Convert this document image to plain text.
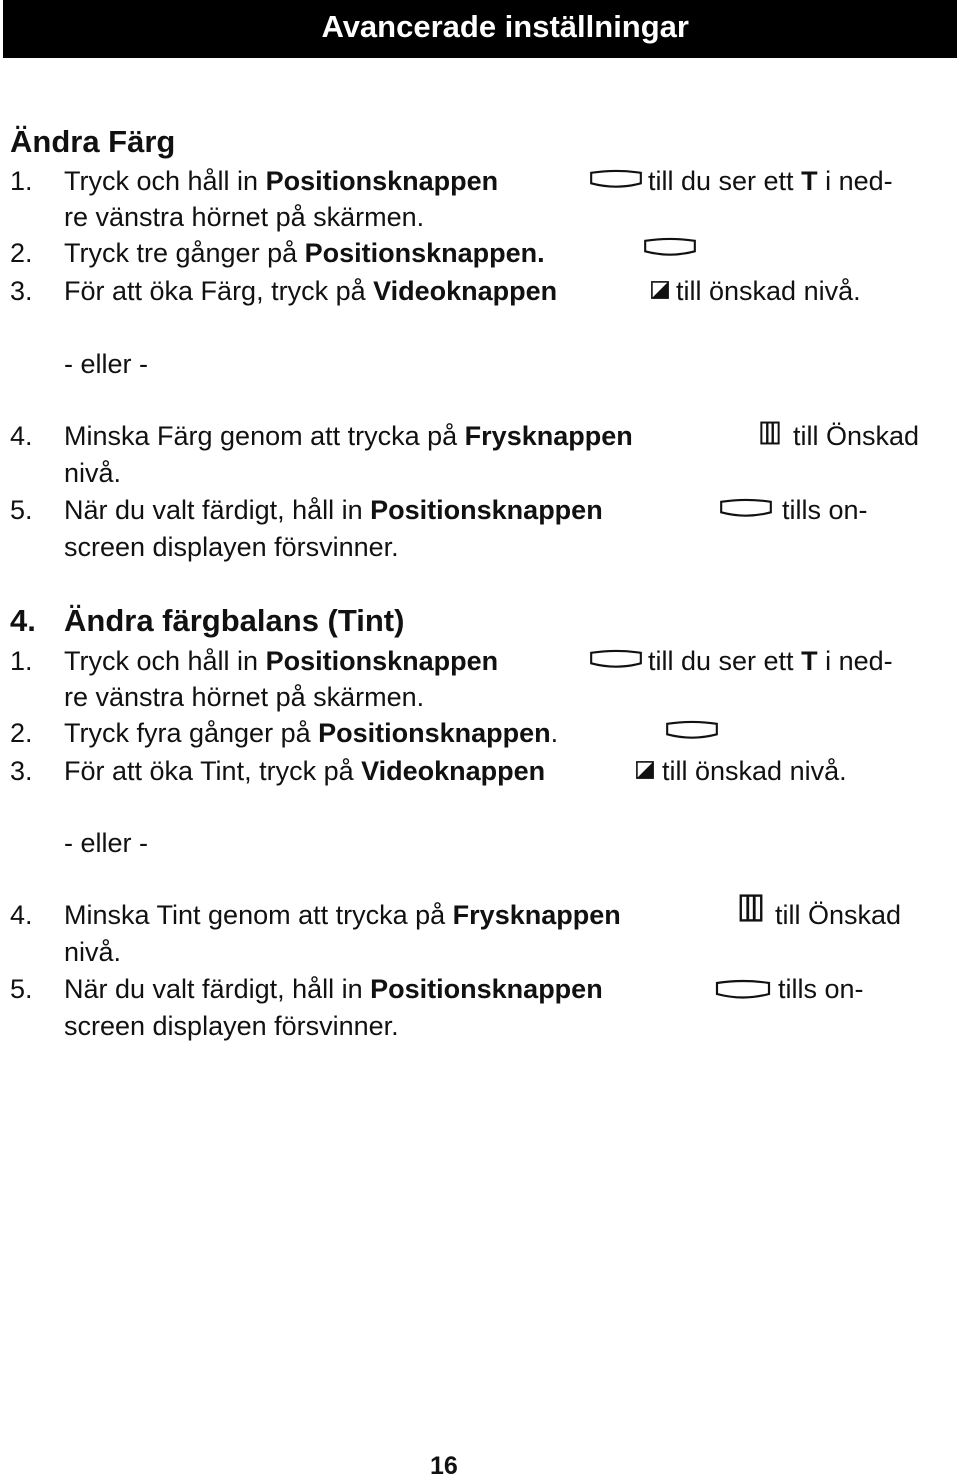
Avancerade inställningar
Ändra Färg
1. Tryck och håll in Positionsknappen	till du ser ett T i ned-
re vänstra hörnet på skärmen.
2. Tryck tre gånger på Positionsknappen.
3. För att öka Färg, tryck på Videoknappen	till önskad nivå.
- eller -
4. Minska Färg genom att trycka på Frysknappen	till Önskad
nivå.
5. När du valt färdigt, håll in Positionsknappen	tills on-
screen displayen försvinner.
4. Ändra färgbalans (Tint)
1. Tryck och håll in Positionsknappen	till du ser ett T i ned-
re vänstra hörnet på skärmen.
2. Tryck fyra gånger på Positionsknappen.
3. För att öka Tint, tryck på Videoknappen	till önskad nivå.
- eller -
4. Minska Tint genom att trycka på Frysknappen	till Önskad
nivå.
5. När du valt färdigt, håll in Positionsknappen	tills on-
screen displayen försvinner.
16
